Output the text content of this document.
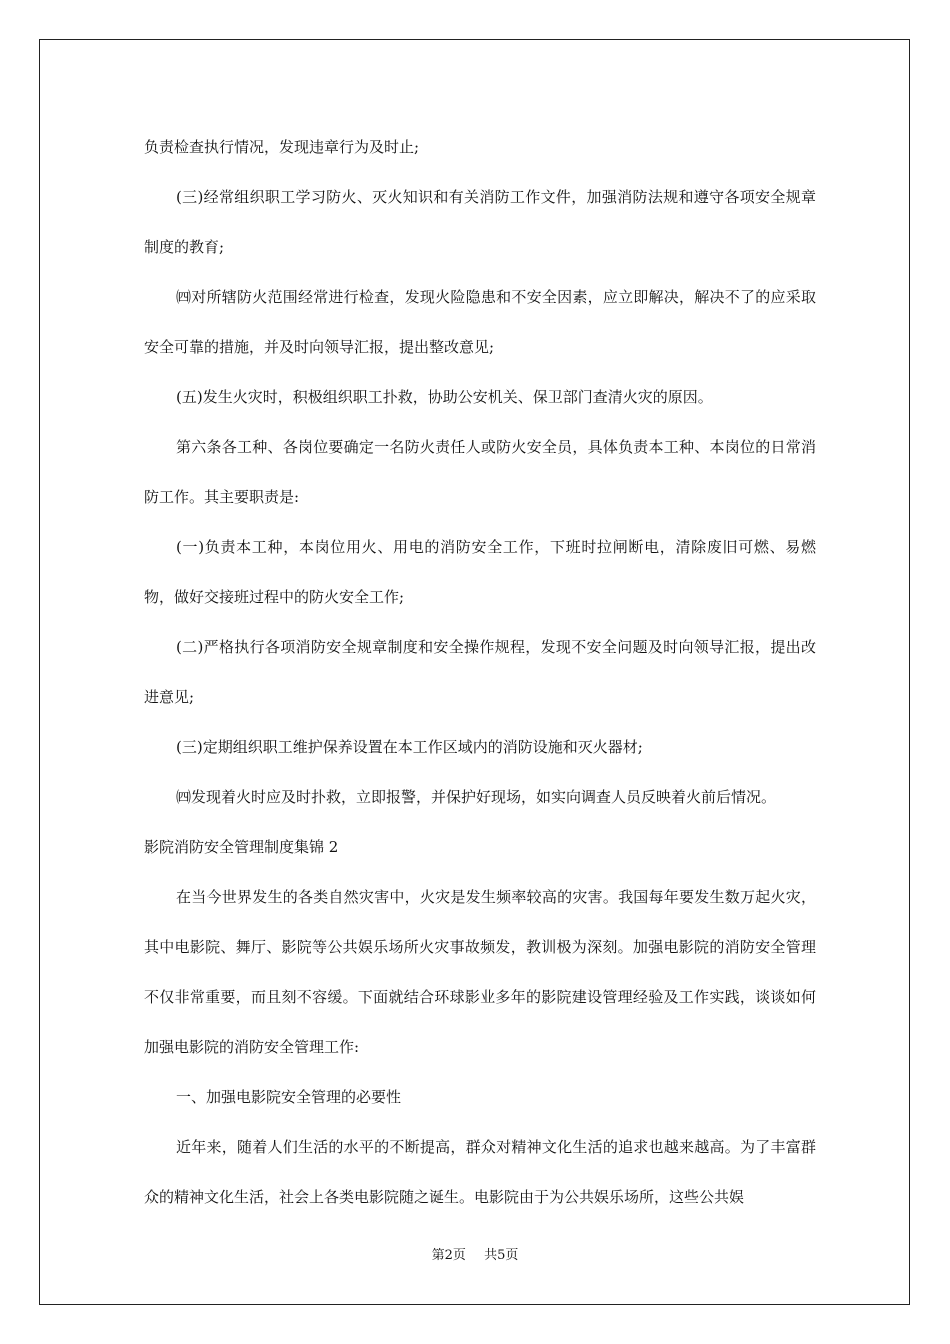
负责检查执行情况，发现违章行为及时止;

(三)经常组织职工学习防火、灭火知识和有关消防工作文件，加强消防法规和遵守各项安全规章制度的教育;

㈣对所辖防火范围经常进行检查，发现火险隐患和不安全因素，应立即解决，解决不了的应采取安全可靠的措施，并及时向领导汇报，提出整改意见;

(五)发生火灾时，积极组织职工扑救，协助公安机关、保卫部门查清火灾的原因。

第六条各工种、各岗位要确定一名防火责任人或防火安全员，具体负责本工种、本岗位的日常消防工作。其主要职责是:

(一)负责本工种，本岗位用火、用电的消防安全工作，下班时拉闸断电，清除废旧可燃、易燃物，做好交接班过程中的防火安全工作;

(二)严格执行各项消防安全规章制度和安全操作规程，发现不安全问题及时向领导汇报，提出改进意见;

(三)定期组织职工维护保养设置在本工作区域内的消防设施和灭火器材;

㈣发现着火时应及时扑救，立即报警，并保护好现场，如实向调查人员反映着火前后情况。

影院消防安全管理制度集锦 2

在当今世界发生的各类自然灾害中，火灾是发生频率较高的灾害。我国每年要发生数万起火灾，其中电影院、舞厅、影院等公共娱乐场所火灾事故频发，教训极为深刻。加强电影院的消防安全管理不仅非常重要，而且刻不容缓。下面就结合环球影业多年的影院建设管理经验及工作实践，谈谈如何加强电影院的消防安全管理工作:

一、加强电影院安全管理的必要性

近年来，随着人们生活的水平的不断提高，群众对精神文化生活的追求也越来越高。为了丰富群众的精神文化生活，社会上各类电影院随之诞生。电影院由于为公共娱乐场所，这些公共娱

第2页 共5页
